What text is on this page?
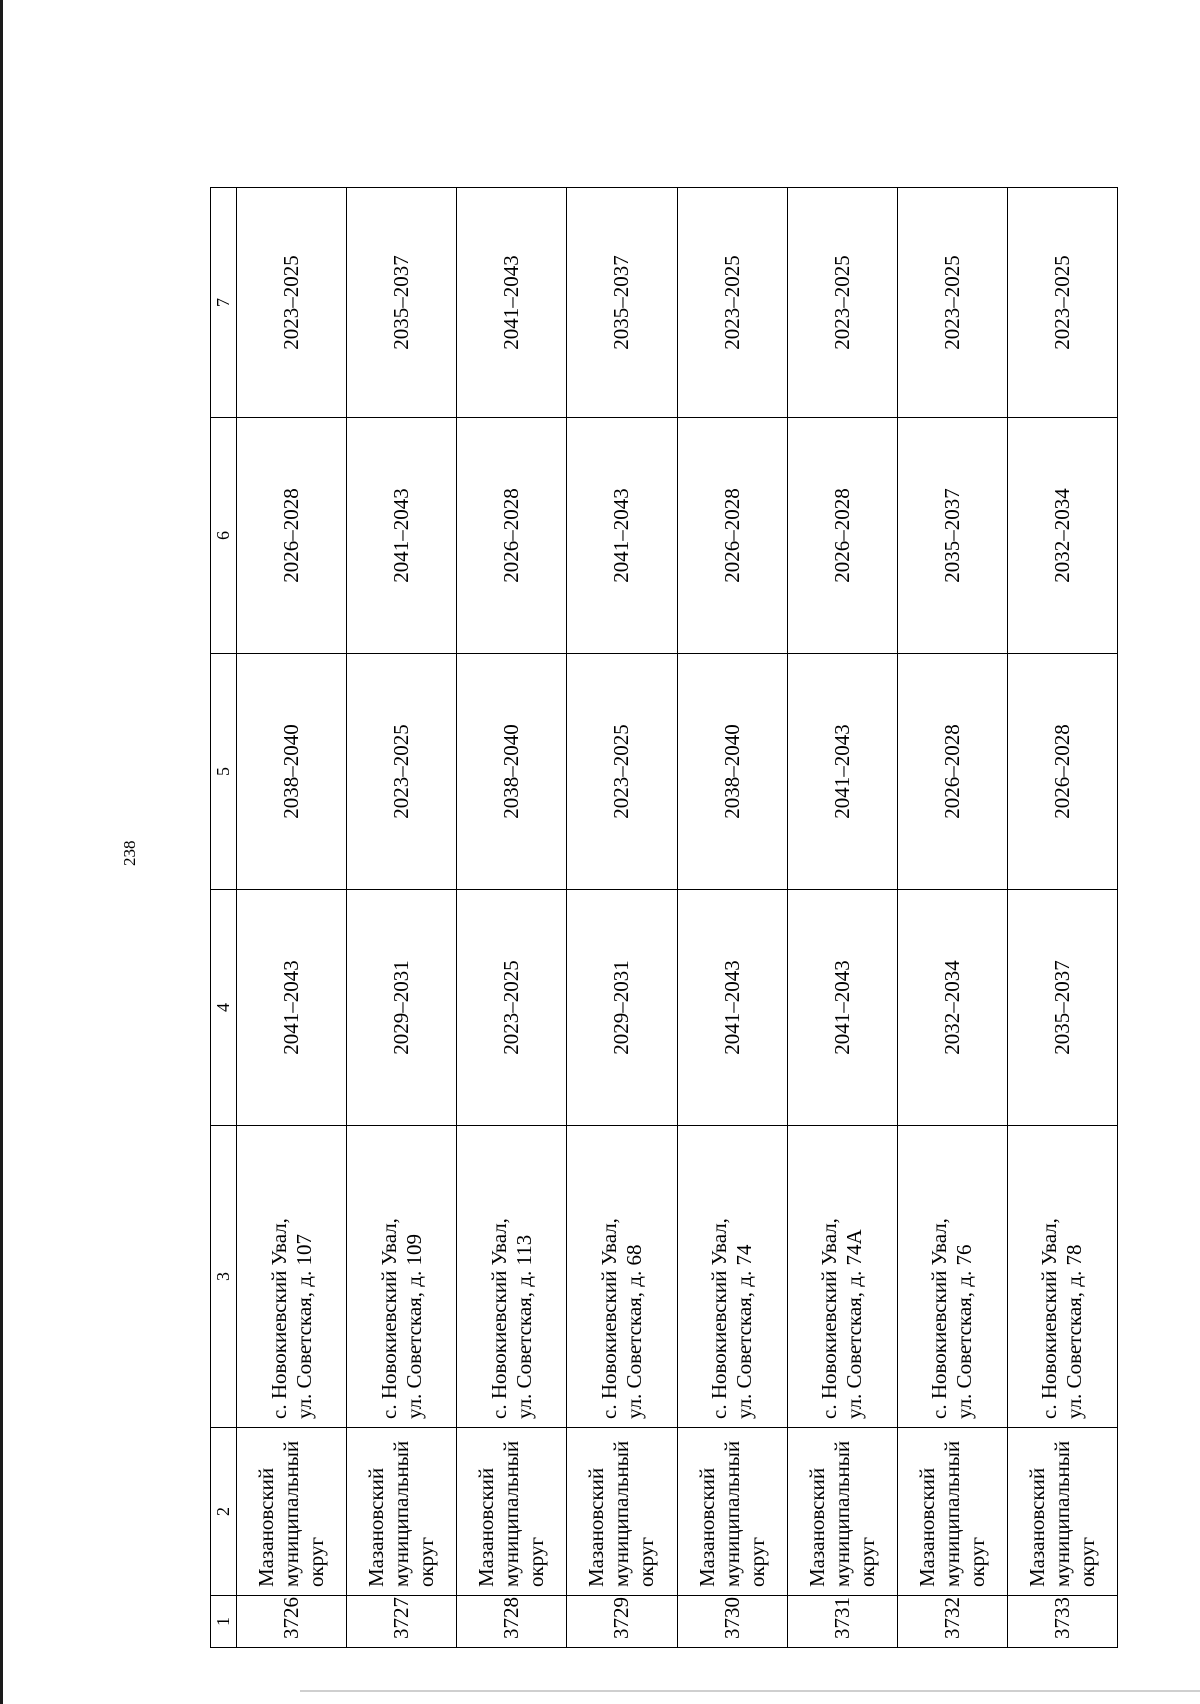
238
1	2	3	4	5	6	7
3726	Мазановский муниципальный округ	с. Новокиевский Увал, ул. Советская, д. 107	2041–2043	2038–2040	2026–2028	2023–2025
3727	Мазановский муниципальный округ	с. Новокиевский Увал, ул. Советская, д. 109	2029–2031	2023–2025	2041–2043	2035–2037
3728	Мазановский муниципальный округ	с. Новокиевский Увал, ул. Советская, д. 113	2023–2025	2038–2040	2026–2028	2041–2043
3729	Мазановский муниципальный округ	с. Новокиевский Увал, ул. Советская, д. 68	2029–2031	2023–2025	2041–2043	2035–2037
3730	Мазановский муниципальный округ	с. Новокиевский Увал, ул. Советская, д. 74	2041–2043	2038–2040	2026–2028	2023–2025
3731	Мазановский муниципальный округ	с. Новокиевский Увал, ул. Советская, д. 74А	2041–2043	2041–2043	2026–2028	2023–2025
3732	Мазановский муниципальный округ	с. Новокиевский Увал, ул. Советская, д. 76	2032–2034	2026–2028	2035–2037	2023–2025
3733	Мазановский муниципальный округ	с. Новокиевский Увал, ул. Советская, д. 78	2035–2037	2026–2028	2032–2034	2023–2025
